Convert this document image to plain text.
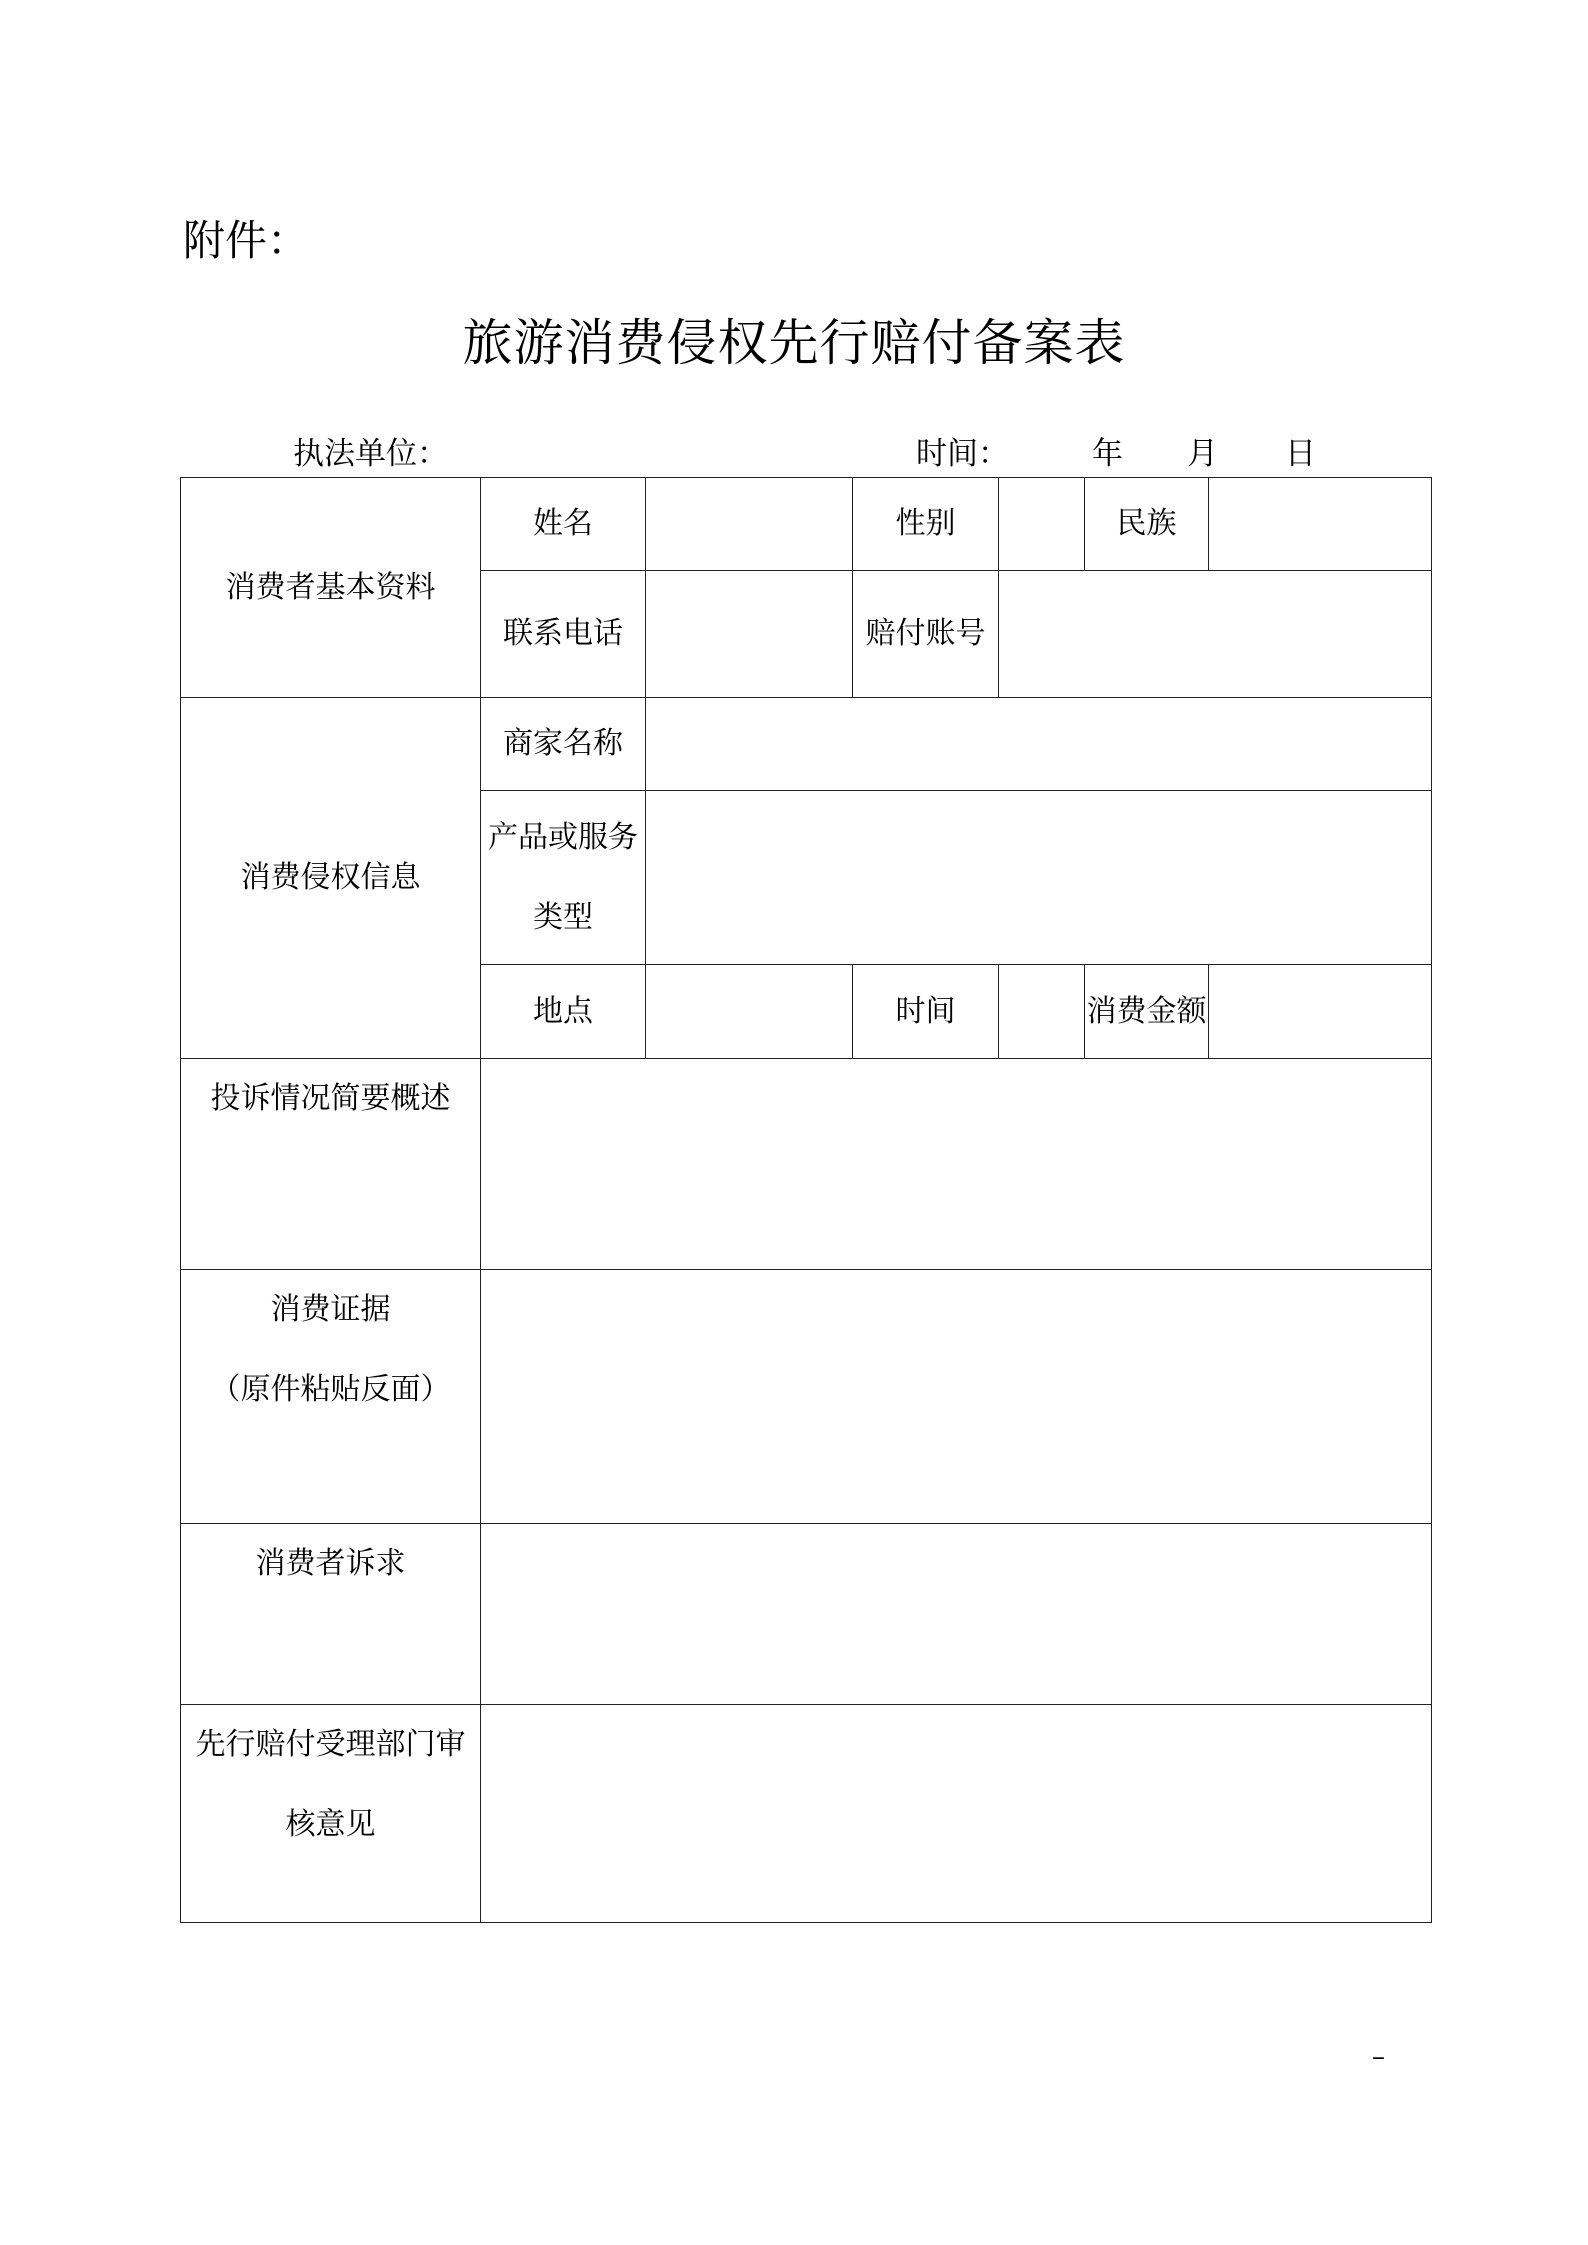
附件：
旅游消费侵权先行赔付备案表
执法单位：	时间：	年 月 日
消费者基本资料	姓名		性别		民族	
	联系电话		赔付账号			
消费侵权信息	商家名称					

	产品或服务
类型					

	地点		时间		消费金额	
投诉情况简要概述						

消费证据
（原件粘贴反面）						

消费者诉求						

先行赔付受理部门审
核意见						

–
